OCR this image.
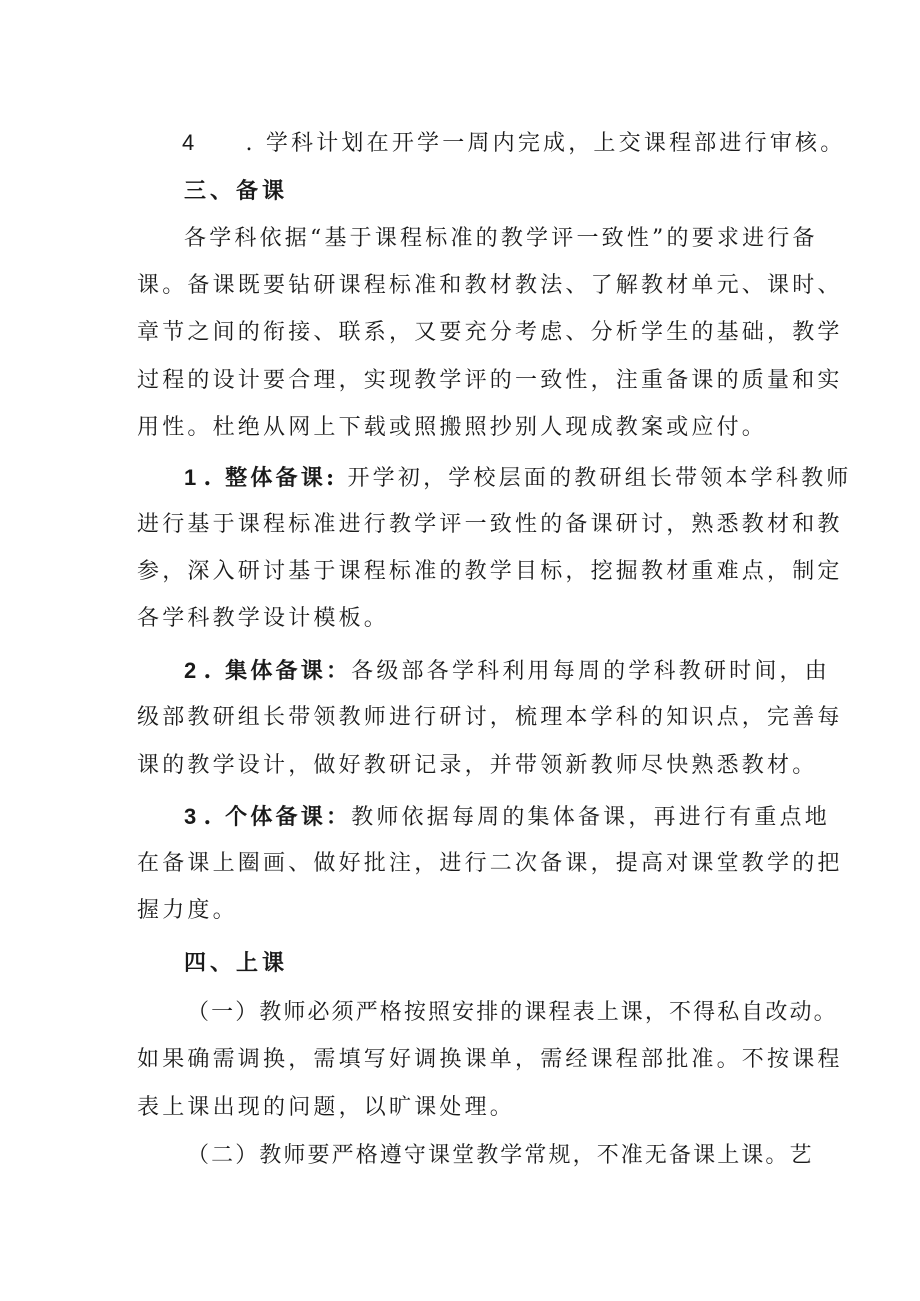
4 . 学科计划在开学一周内完成，上交课程部进行审核。
三、备课
各学科依据“基于课程标准的教学评一致性”的要求进行备
课。备课既要钻研课程标准和教材教法、了解教材单元、课时、
章节之间的衔接、联系，又要充分考虑、分析学生的基础，教学
过程的设计要合理，实现教学评的一致性，注重备课的质量和实
用性。杜绝从网上下载或照搬照抄别人现成教案或应付。
1 . 整体备课: 开学初，学校层面的教研组长带领本学科教师
进行基于课程标准进行教学评一致性的备课研讨，熟悉教材和教
参，深入研讨基于课程标准的教学目标，挖掘教材重难点，制定
各学科教学设计模板。
2 . 集体备课：各级部各学科利用每周的学科教研时间，由
级部教研组长带领教师进行研讨，梳理本学科的知识点，完善每
课的教学设计，做好教研记录，并带领新教师尽快熟悉教材。
3 . 个体备课：教师依据每周的集体备课，再进行有重点地
在备课上圈画、做好批注，进行二次备课，提高对课堂教学的把
握力度。
四、上课
（一）教师必须严格按照安排的课程表上课，不得私自改动。
如果确需调换，需填写好调换课单，需经课程部批准。不按课程
表上课出现的问题，以旷课处理。
（二）教师要严格遵守课堂教学常规，不准无备课上课。艺
